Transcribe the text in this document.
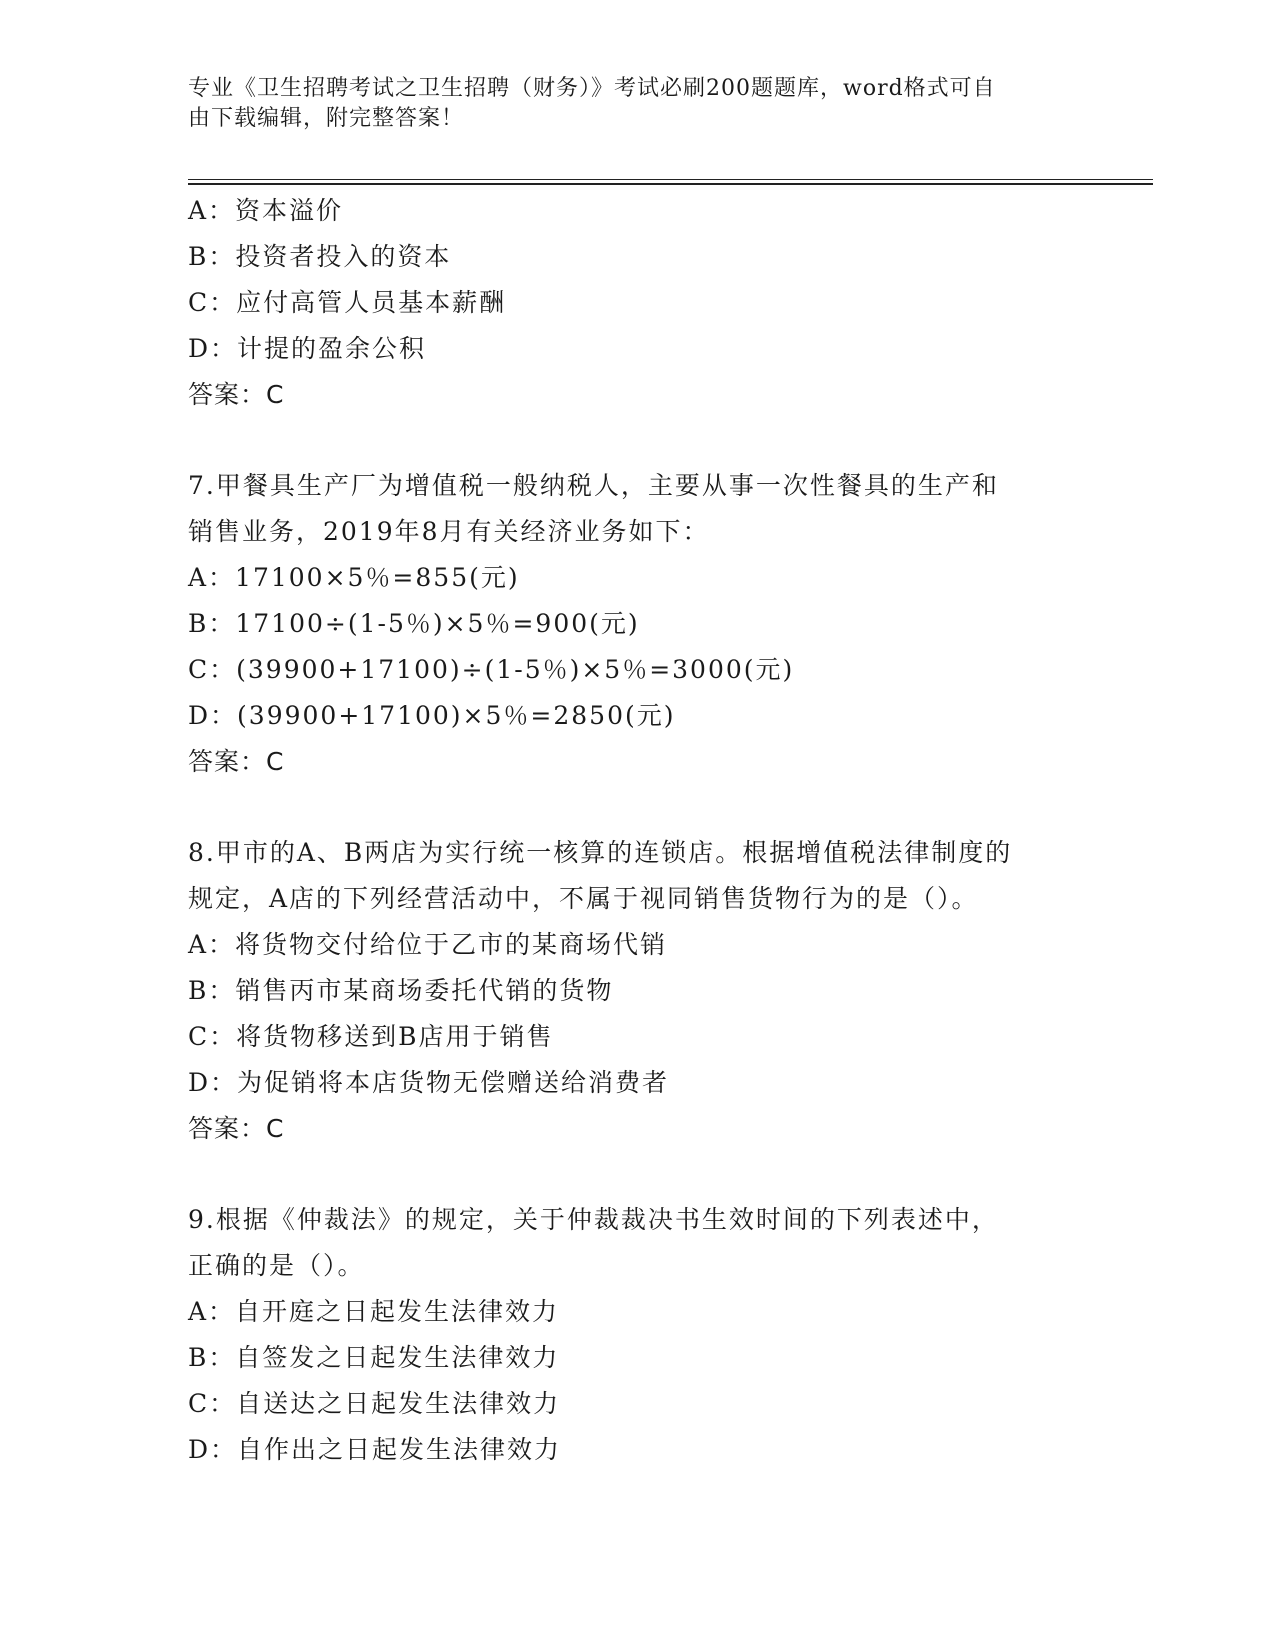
专业《卫生招聘考试之卫生招聘（财务）》考试必刷200题题库，word格式可自
由下载编辑，附完整答案！
A：资本溢价
B：投资者投入的资本
C：应付高管人员基本薪酬
D：计提的盈余公积
答案：C
7.甲餐具生产厂为增值税一般纳税人，主要从事一次性餐具的生产和
销售业务，2019年8月有关经济业务如下：
A：17100×5％=855(元)
B：17100÷(1-5％)×5％=900(元)
C：(39900+17100)÷(1-5％)×5％=3000(元)
D：(39900+17100)×5％=2850(元)
答案：C
8.甲市的A、B两店为实行统一核算的连锁店。根据增值税法律制度的
规定，A店的下列经营活动中，不属于视同销售货物行为的是（）。
A：将货物交付给位于乙市的某商场代销
B：销售丙市某商场委托代销的货物
C：将货物移送到B店用于销售
D：为促销将本店货物无偿赠送给消费者
答案：C
9.根据《仲裁法》的规定，关于仲裁裁决书生效时间的下列表述中，
正确的是（）。
A：自开庭之日起发生法律效力
B：自签发之日起发生法律效力
C：自送达之日起发生法律效力
D：自作出之日起发生法律效力
